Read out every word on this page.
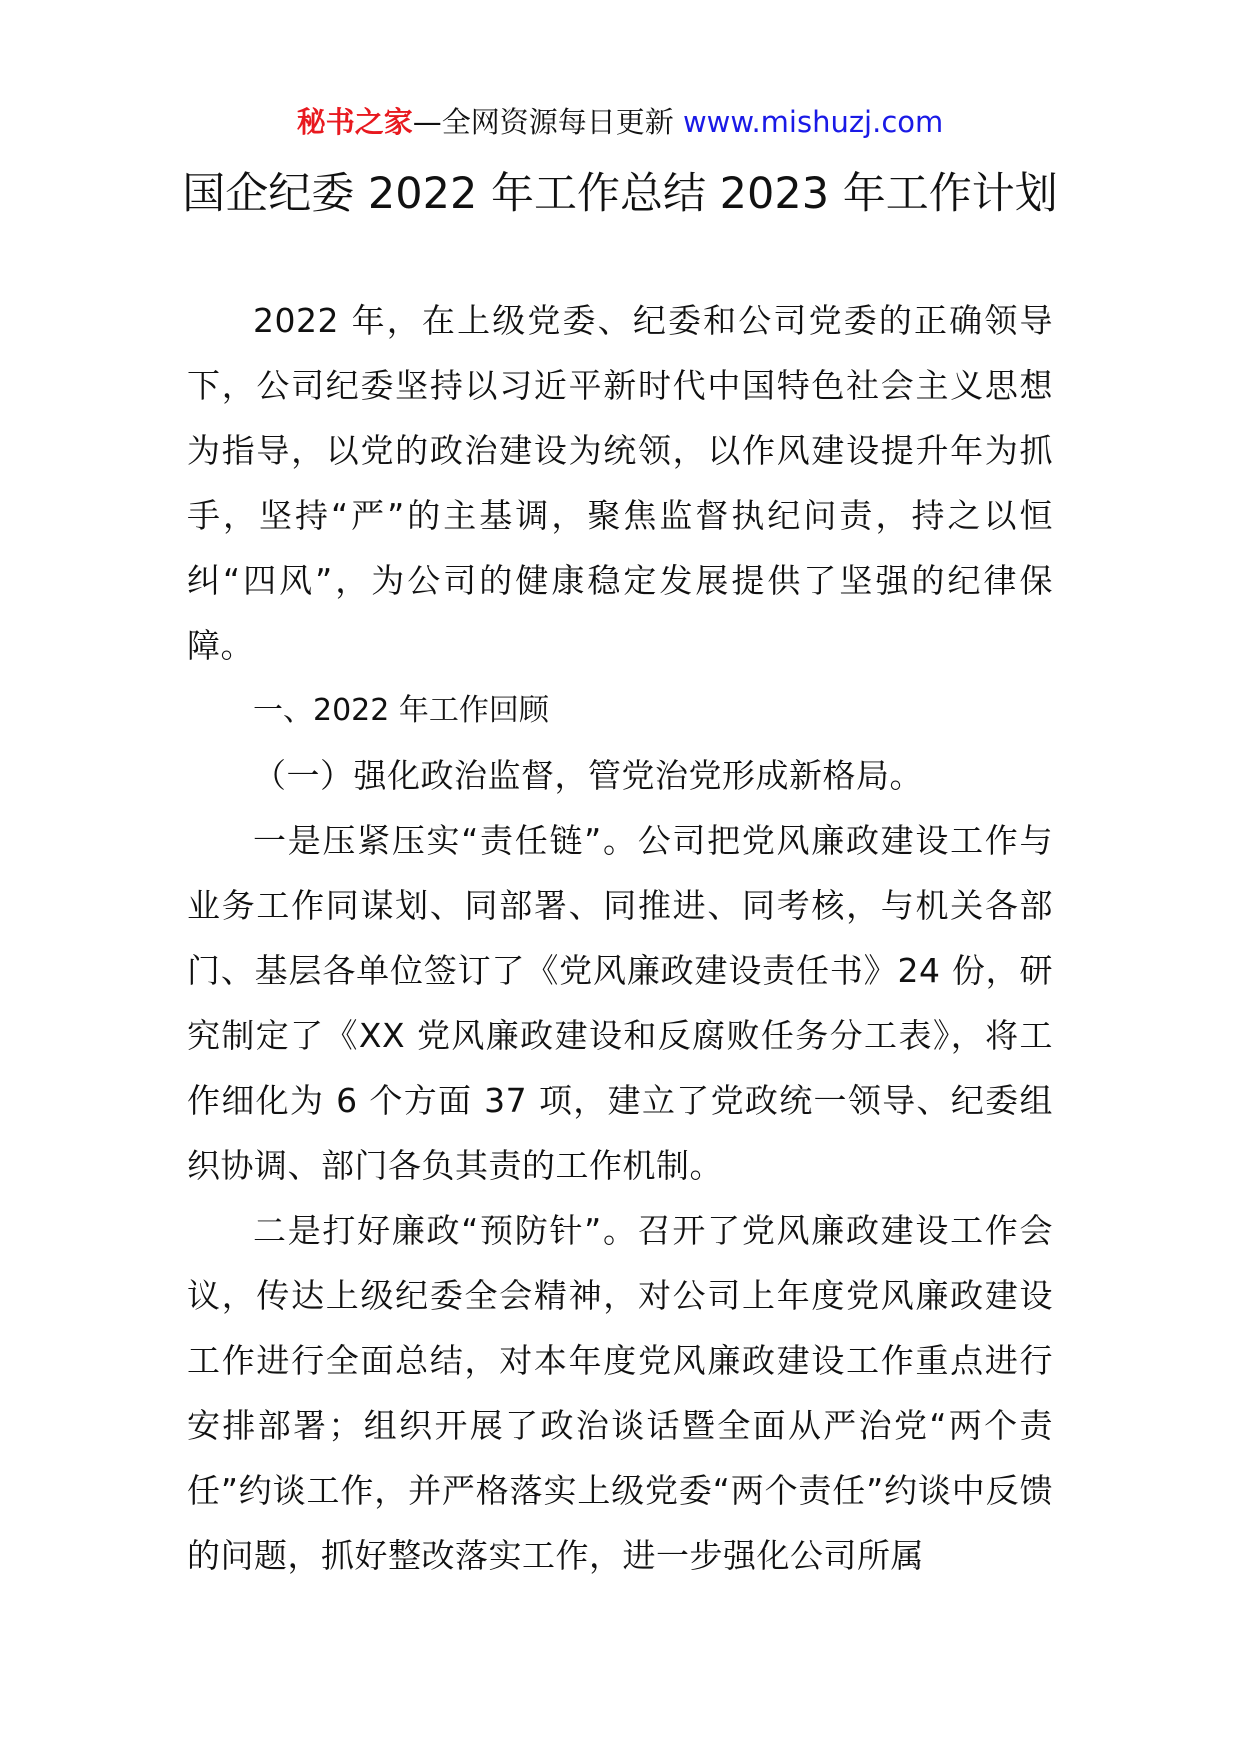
秘书之家—全网资源每日更新 www.mishuzj.com
国企纪委 2022 年工作总结 2023 年工作计划

2022 年，在上级党委、纪委和公司党委的正确领导下，公司纪委坚持以习近平新时代中国特色社会主义思想为指导，以党的政治建设为统领，以作风建设提升年为抓手，坚持“严”的主基调，聚焦监督执纪问责，持之以恒纠“四风”，为公司的健康稳定发展提供了坚强的纪律保障。

一、2022 年工作回顾

（一）强化政治监督，管党治党形成新格局。

一是压紧压实“责任链”。公司把党风廉政建设工作与业务工作同谋划、同部署、同推进、同考核，与机关各部门、基层各单位签订了《党风廉政建设责任书》24 份，研究制定了《XX 党风廉政建设和反腐败任务分工表》，将工作细化为 6 个方面 37 项，建立了党政统一领导、纪委组织协调、部门各负其责的工作机制。

二是打好廉政“预防针”。召开了党风廉政建设工作会议，传达上级纪委全会精神，对公司上年度党风廉政建设工作进行全面总结，对本年度党风廉政建设工作重点进行安排部署；组织开展了政治谈话暨全面从严治党“两个责任”约谈工作，并严格落实上级党委“两个责任”约谈中反馈的问题，抓好整改落实工作，进一步强化公司所属
